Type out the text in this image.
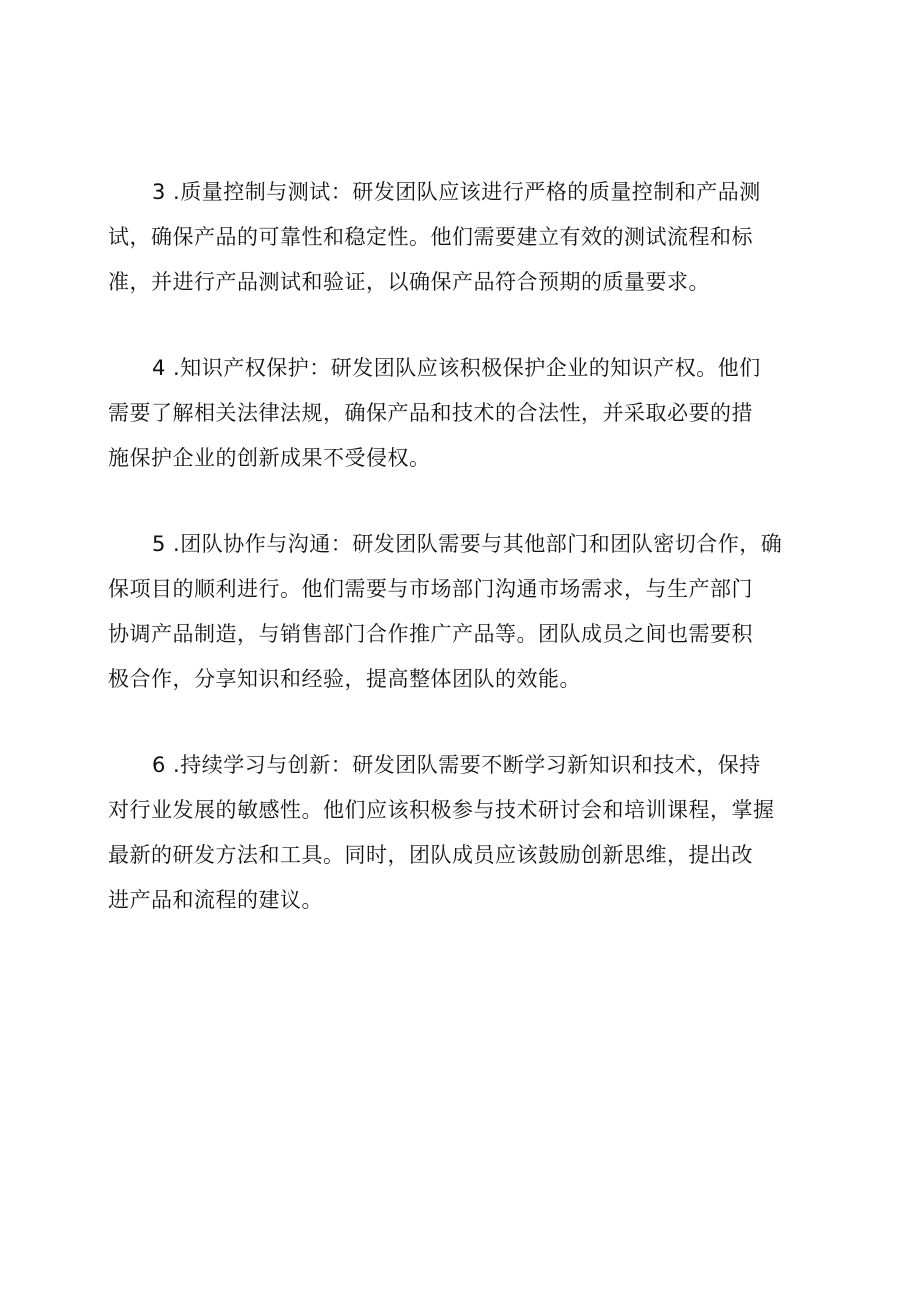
3 .质量控制与测试：研发团队应该进行严格的质量控制和产品测
试，确保产品的可靠性和稳定性。他们需要建立有效的测试流程和标
准，并进行产品测试和验证，以确保产品符合预期的质量要求。
4 .知识产权保护：研发团队应该积极保护企业的知识产权。他们
需要了解相关法律法规，确保产品和技术的合法性，并采取必要的措
施保护企业的创新成果不受侵权。
5 .团队协作与沟通：研发团队需要与其他部门和团队密切合作，确
保项目的顺利进行。他们需要与市场部门沟通市场需求，与生产部门
协调产品制造，与销售部门合作推广产品等。团队成员之间也需要积
极合作，分享知识和经验，提高整体团队的效能。
6 .持续学习与创新：研发团队需要不断学习新知识和技术，保持
对行业发展的敏感性。他们应该积极参与技术研讨会和培训课程，掌握
最新的研发方法和工具。同时，团队成员应该鼓励创新思维，提出改
进产品和流程的建议。
